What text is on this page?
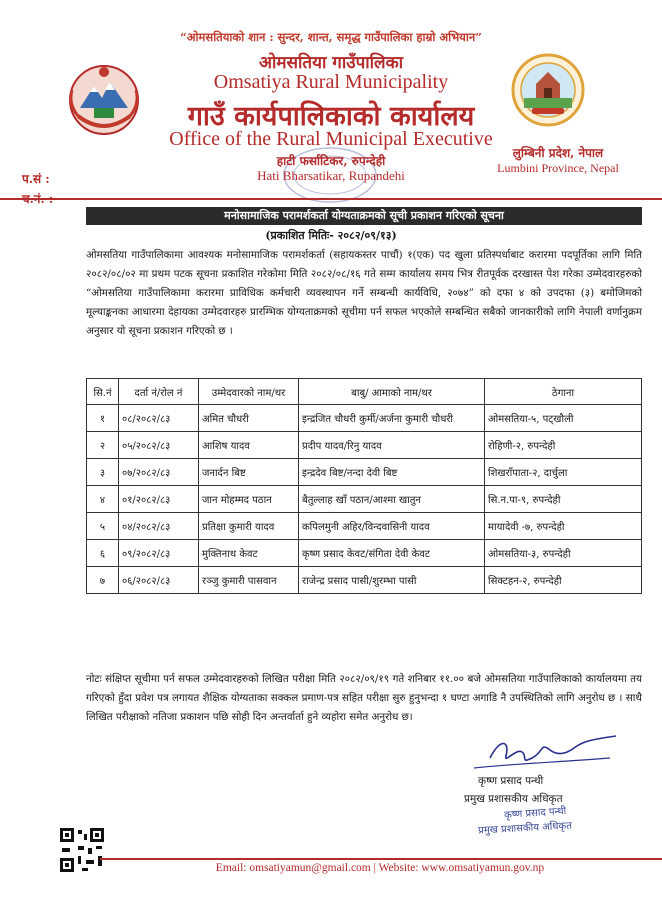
“ओमसतियाको शान : सुन्दर, शान्त, समृद्ध गाउँपालिका हाम्रो अभियान”
ओमसतिया गाउँपालिका
Omsatiya Rural Municipality
गाउँ कार्यपालिकाको कार्यालय
Office of the Rural Municipal Executive
हाटी फर्साटिकर, रुपन्देही
Hati Bharsatikar, Rupandehi
लुम्बिनी प्रदेश, नेपाल
Lumbini Province, Nepal
प.सं :
मनोसामाजिक परामर्शकर्ता योग्यताक्रमको सूची प्रकाशन गरिएको सूचना
(प्रकाशित मितिः- २०८२/०९/१३)
ओमसतिया गाउँपालिकामा आवश्यक मनोसामाजिक परामर्शकर्ता (सहायकस्तर पाचौं) १(एक) पद खुला प्रतिस्पर्धाबाट करारमा पदपूर्तिका लागि मिति २०८२/०८/०२ मा प्रथम पटक सूचना प्रकाशित गरेकोमा मिति २०८२/०८/१६ गते सम्म कार्यालय समय भित्र रीतपूर्वक दरखास्त पेश गरेका उम्मेदवारहरुको “ओमसतिया गाउँपालिकामा करारमा प्राविधिक कर्मचारी व्यवस्थापन गर्ने सम्बन्धी कार्यविधि, २०७४” को दफा ४ को उपदफा (३) बमोजिमको मूल्याङ्कनका आधारमा देहायका उम्मेदवारहरु प्रारम्भिक योग्यताक्रमको सूचीमा पर्न सफल भएकोले सम्बन्धित सबैको जानकारीको लागि नेपाली वर्णानुक्रम अनुसार यो सूचना प्रकाशन गरिएको छ ।
सि.नं	दर्ता नं/रोल नं	उम्मेदवारको नाम/थर	बाबु/ आमाको नाम/थर	ठेगाना
१	०८/२०८२/८३	अमित चौधरी	इन्द्रजित चौधरी कुर्मी/अर्जना कुमारी चौधरी	ओमसतिया-५, पट्खौली
२	०५/२०८२/८३	आशिष यादव	प्रदीप यादव/रिनु यादव	रोहिणी-२, रुपन्देही
३	०७/२०८२/८३	जनार्दन बिष्ट	इन्द्रदेव बिष्ट/नन्दा देवी बिष्ट	शिखराँपाता-२, दार्चुला
४	०१/२०८२/८३	जान मोहम्मद पठान	बैतुल्लाह खाँ पठान/आश्मा खातुन	सि.न.पा-९, रुपन्देही
५	०४/२०८२/८३	प्रतिक्षा कुमारी यादव	कपिलमुनी अहिर/विन्दवासिनी यादव	मायादेवी -७, रुपन्देही
६	०९/२०८२/८३	मुक्तिनाथ केवट	कृष्ण प्रसाद केवट/संगिता देवी केवट	ओमसतिया-३, रुपन्देही
७	०६/२०८२/८३	रञ्जु कुमारी पासवान	राजेन्द्र प्रसाद पासी/शुरम्भा पासी	सिक्टहन-२, रुपन्देही
नोटः संक्षिप्त सूचीमा पर्न सफल उम्मेदवारहरुको लिखित परीक्षा मिति २०८२/०९/१९ गते शनिबार ११.०० बजे ओमसतिया गाउँपालिकाको कार्यालयमा तय गरिएको हुँदा प्रवेश पत्र लगायत शैक्षिक योग्यताका सक्कल प्रमाण-पत्र सहित परीक्षा सुरु हुनुभन्दा १ घण्टा अगाडि नै उपस्थितिको लागि अनुरोध छ । साथै लिखित परीक्षाको नतिजा प्रकाशन पछि सोही दिन अन्तर्वार्ता हुने व्यहोरा समेत अनुरोध छ।
कृष्ण प्रसाद पन्थी
प्रमुख प्रशासकीय अधिकृत
कृष्ण प्रसाद पन्थी
प्रमुख प्रशासकीय अधिकृत
Email: omsatiyamun@gmail.com | Website: www.omsatiyamun.gov.np
